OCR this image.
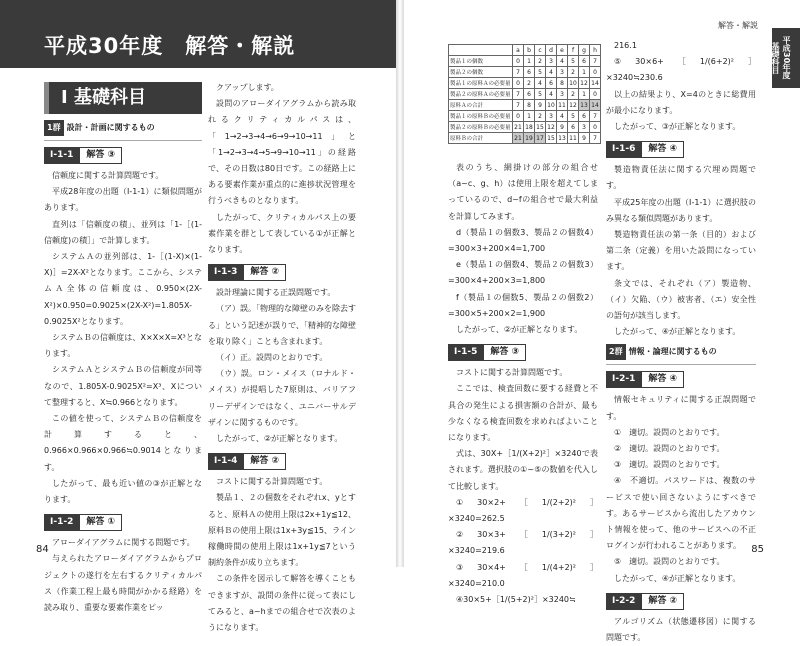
平成30年度　解答・解説
Ⅰ 基礎科目
1群 設計・計画に関するもの
Ⅰ-1-1	解答 ③

信頼度に関する計算問題です。

平成28年度の出題（Ⅰ-1-1）に類似問題があります。

直列は「信頼度の積」、並列は「1-［(1-信頼度)の積］」で計算します。

システムＡの並列部は、1-［(1-X)×(1-X)］=2X-X²となります。ここから、システムＡ全体の信頼度は、0.950×(2X-X²)×0.950=0.9025×(2X-X²)=1.805X-0.9025X²となります。

システムＢの信頼度は、X×X×X=X³となります。

システムＡとシステムＢの信頼度が同等なので、1.805X-0.9025X²=X³、Xについて整理すると、X≒0.966となります。

この値を使って、システムＢの信頼度を計算すると、0.966×0.966×0.966≒0.9014となります。

したがって、最も近い値の③が正解となります。

Ⅰ-1-2	解答 ①

アローダイアグラムに関する問題です。

与えられたアローダイアグラムからプロジェクトの遂行を左右するクリティカルパス（作業工程上最も時間がかかる経路）を読み取り、重要な要素作業をピッ

クアップします。

設問のアローダイアグラムから読み取れるクリティカルパスは、「1→2→3→4→6→9→10→11」と「1→2→3→4→5→9→10→11」の経路で、その日数は80日です。この経路上にある要素作業が重点的に進捗状況管理を行うべきものとなります。

したがって、クリティカルパス上の要素作業を群として表している①が正解となります。

Ⅰ-1-3	解答 ②

設計理論に関する正誤問題です。

（ア）誤。「物理的な障壁のみを除去する」という記述が誤りで、「精神的な障壁を取り除く」ことも含まれます。

（イ）正。設問のとおりです。

（ウ）誤。ロン・メイス（ロナルド・メイス）が提唱した7原則は、バリアフリーデザインではなく、ユニバーサルデザインに関するものです。

したがって、②が正解となります。

Ⅰ-1-4	解答 ②

コストに関する計算問題です。

製品１、２の個数をそれぞれx、yとすると、原料Ａの使用上限は2x+1y≦12、原料Ｂの使用上限は1x+3y≦15、ライン稼働時間の使用上限は1x+1y≦7という制約条件が成り立ちます。

この条件を図示して解答を導くこともできますが、設問の条件に従って表にしてみると、a~hまでの組合せで次表のようになります。

84
解答・解説
平成30年度 基礎科目
	a	b	c	d	e	f	g	h
製品１の個数	0	1	2	3	4	5	6	7
製品２の個数	7	6	5	4	3	2	1	0
製品１の原料Ａの必要量	0	2	4	6	8	10	12	14
製品２の原料Ａの必要量	7	6	5	4	3	2	1	0
原料Ａの合計	7	8	9	10	11	12	13	14
製品１の原料Ｂの必要量	0	1	2	3	4	5	6	7
製品２の原料Ｂの必要量	21	18	15	12	9	6	3	0
原料Ｂの合計	21	19	17	15	13	11	9	7

表のうち、網掛けの部分の組合せ（a~c、g、h）は使用上限を超えてしまっているので、d~fの組合せで最大利益を計算してみます。

d（製品１の個数3、製品２の個数4）=300×3+200×4=1,700

e（製品１の個数4、製品２の個数3）=300×4+200×3=1,800

f（製品１の個数5、製品２の個数2）=300×5+200×2=1,900

したがって、②が正解となります。

Ⅰ-1-5	解答 ③

コストに関する計算問題です。

ここでは、検査回数に要する経費と不具合の発生による損害額の合計が、最も少なくなる検査回数を求めればよいことになります。

式は、30X+［1/(X+2)²］×3240で表されます。選択肢の①~⑤の数値を代入して比較します。

①30×2+［1/(2+2)²］×3240=262.5

②30×3+［1/(3+2)²］×3240=219.6

③30×4+［1/(4+2)²］×3240=210.0

④30×5+［1/(5+2)²］×3240≒

216.1

⑤30×6+［1/(6+2)²］×3240≒230.6

以上の結果より、X=4のときに総費用が最小になります。

したがって、③が正解となります。

Ⅰ-1-6	解答 ④

製造物責任法に関する穴埋め問題です。

平成25年度の出題（Ⅰ-1-1）に選択肢のみ異なる類似問題があります。

製造物責任法の第一条（目的）および第二条（定義）を用いた設問になっています。

条文では、それぞれ（ア）製造物、（イ）欠陥、（ウ）被害者、（エ）安全性の語句が該当します。

したがって、④が正解となります。

2群 情報・論理に関するもの
Ⅰ-2-1	解答 ④

情報セキュリティに関する正誤問題です。

①　適切。設問のとおりです。

②　適切。設問のとおりです。

③　適切。設問のとおりです。

④　不適切。パスワードは、複数のサービスで使い回さないようにすべきです。あるサービスから流出したアカウント情報を使って、他のサービスへの不正ログインが行われることがあります。

⑤　適切。設問のとおりです。

したがって、④が正解となります。

Ⅰ-2-2	解答 ②

アルゴリズム（状態遷移図）に関する問題です。

85
